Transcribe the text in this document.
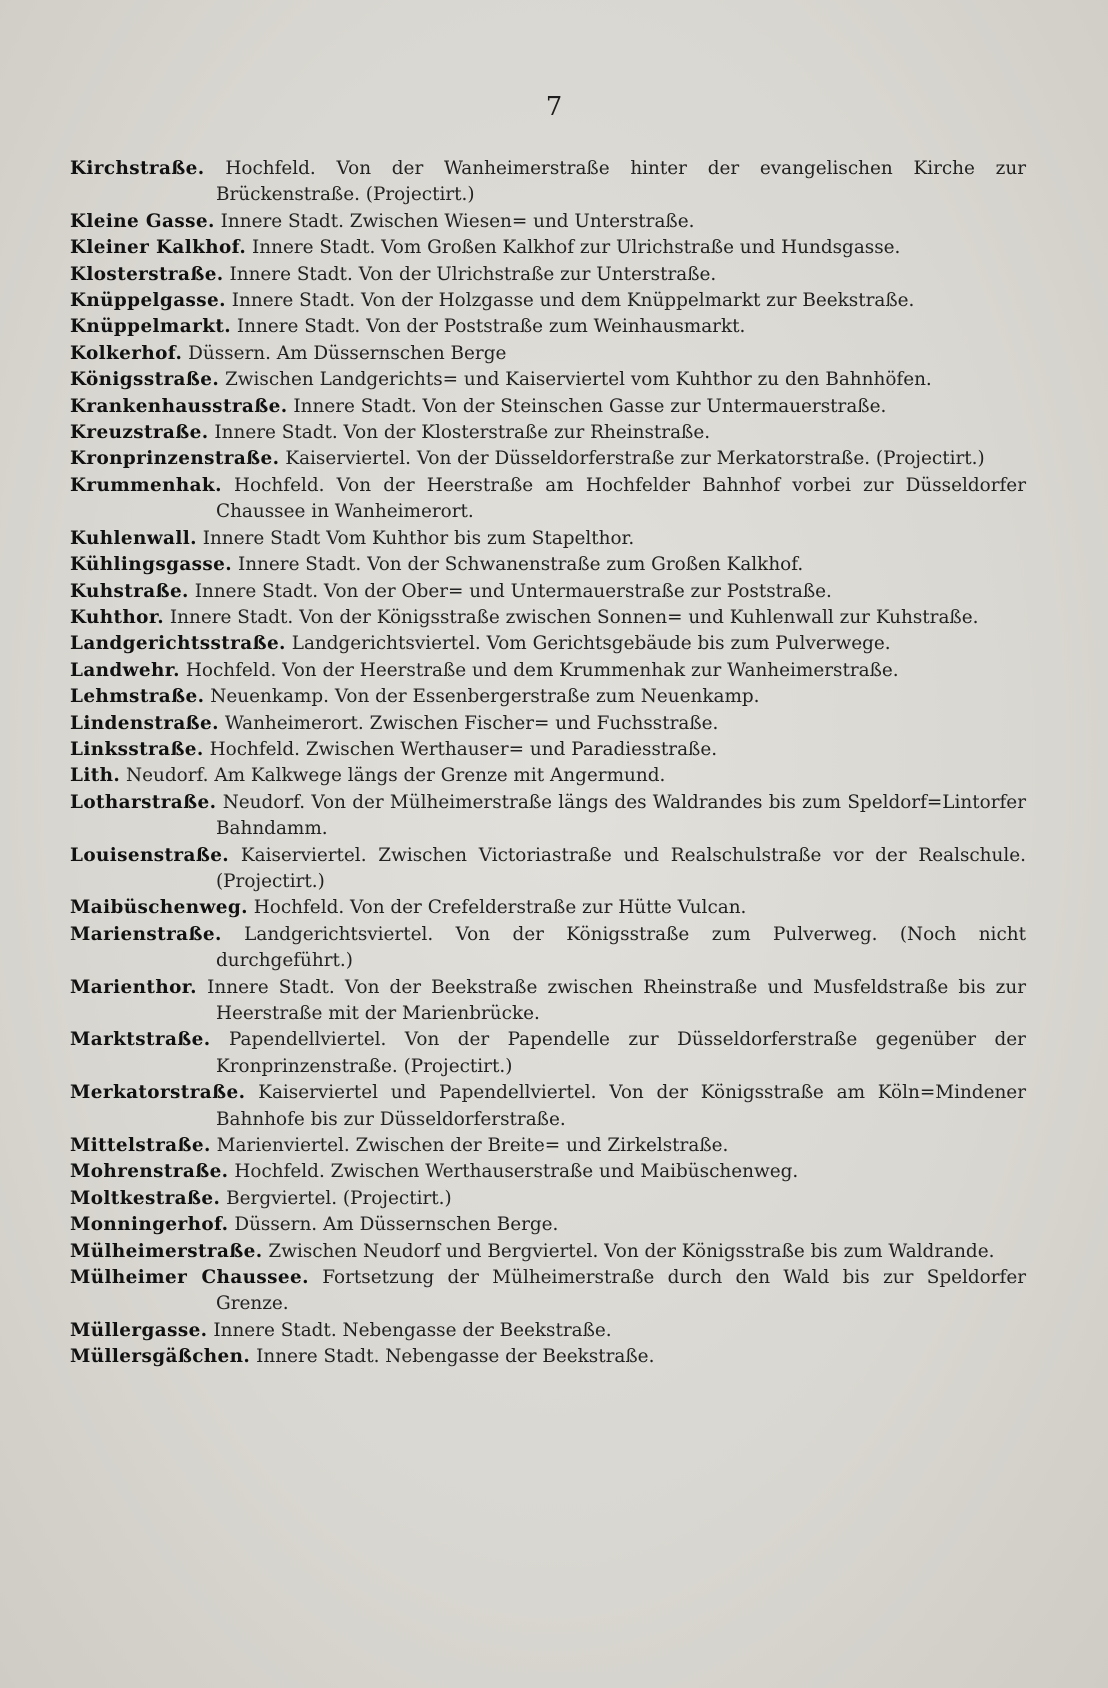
7

Kirchstraße. Hochfeld. Von der Wanheimerstraße hinter der evangelischen Kirche zur Brückenstraße. (Projectirt.)

Kleine Gasse. Innere Stadt. Zwischen Wiesen= und Unterstraße.

Kleiner Kalkhof. Innere Stadt. Vom Großen Kalkhof zur Ulrichstraße und Hundsgasse.

Klosterstraße. Innere Stadt. Von der Ulrichstraße zur Unterstraße.

Knüppelgasse. Innere Stadt. Von der Holzgasse und dem Knüppelmarkt zur Beekstraße.

Knüppelmarkt. Innere Stadt. Von der Poststraße zum Weinhausmarkt.

Kolkerhof. Düssern. Am Düssernschen Berge

Königsstraße. Zwischen Landgerichts= und Kaiserviertel vom Kuhthor zu den Bahnhöfen.

Krankenhausstraße. Innere Stadt. Von der Steinschen Gasse zur Untermauerstraße.

Kreuzstraße. Innere Stadt. Von der Klosterstraße zur Rheinstraße.

Kronprinzenstraße. Kaiserviertel. Von der Düsseldorferstraße zur Merkatorstraße. (Projectirt.)

Krummenhak. Hochfeld. Von der Heerstraße am Hochfelder Bahnhof vorbei zur Düsseldorfer Chaussee in Wanheimerort.

Kuhlenwall. Innere Stadt Vom Kuhthor bis zum Stapelthor.

Kühlingsgasse. Innere Stadt. Von der Schwanenstraße zum Großen Kalkhof.

Kuhstraße. Innere Stadt. Von der Ober= und Untermauerstraße zur Poststraße.

Kuhthor. Innere Stadt. Von der Königsstraße zwischen Sonnen= und Kuhlenwall zur Kuhstraße.

Landgerichtsstraße. Landgerichtsviertel. Vom Gerichtsgebäude bis zum Pulverwege.

Landwehr. Hochfeld. Von der Heerstraße und dem Krummenhak zur Wanheimerstraße.

Lehmstraße. Neuenkamp. Von der Essenbergerstraße zum Neuenkamp.

Lindenstraße. Wanheimerort. Zwischen Fischer= und Fuchsstraße.

Linksstraße. Hochfeld. Zwischen Werthauser= und Paradiesstraße.

Lith. Neudorf. Am Kalkwege längs der Grenze mit Angermund.

Lotharstraße. Neudorf. Von der Mülheimerstraße längs des Waldrandes bis zum Speldorf=Lintorfer Bahndamm.

Louisenstraße. Kaiserviertel. Zwischen Victoriastraße und Realschulstraße vor der Realschule. (Projectirt.)

Maibüschenweg. Hochfeld. Von der Crefelderstraße zur Hütte Vulcan.

Marienstraße. Landgerichtsviertel. Von der Königsstraße zum Pulverweg. (Noch nicht durchgeführt.)

Marienthor. Innere Stadt. Von der Beekstraße zwischen Rheinstraße und Musfeldstraße bis zur Heerstraße mit der Marienbrücke.

Marktstraße. Papendellviertel. Von der Papendelle zur Düsseldorferstraße gegenüber der Kronprinzenstraße. (Projectirt.)

Merkatorstraße. Kaiserviertel und Papendellviertel. Von der Königsstraße am Köln=Mindener Bahnhofe bis zur Düsseldorferstraße.

Mittelstraße. Marienviertel. Zwischen der Breite= und Zirkelstraße.

Mohrenstraße. Hochfeld. Zwischen Werthauserstraße und Maibüschenweg.

Moltkestraße. Bergviertel. (Projectirt.)

Monningerhof. Düssern. Am Düssernschen Berge.

Mülheimerstraße. Zwischen Neudorf und Bergviertel. Von der Königsstraße bis zum Waldrande.

Mülheimer Chaussee. Fortsetzung der Mülheimerstraße durch den Wald bis zur Speldorfer Grenze.

Müllergasse. Innere Stadt. Nebengasse der Beekstraße.

Müllersgäßchen. Innere Stadt. Nebengasse der Beekstraße.
